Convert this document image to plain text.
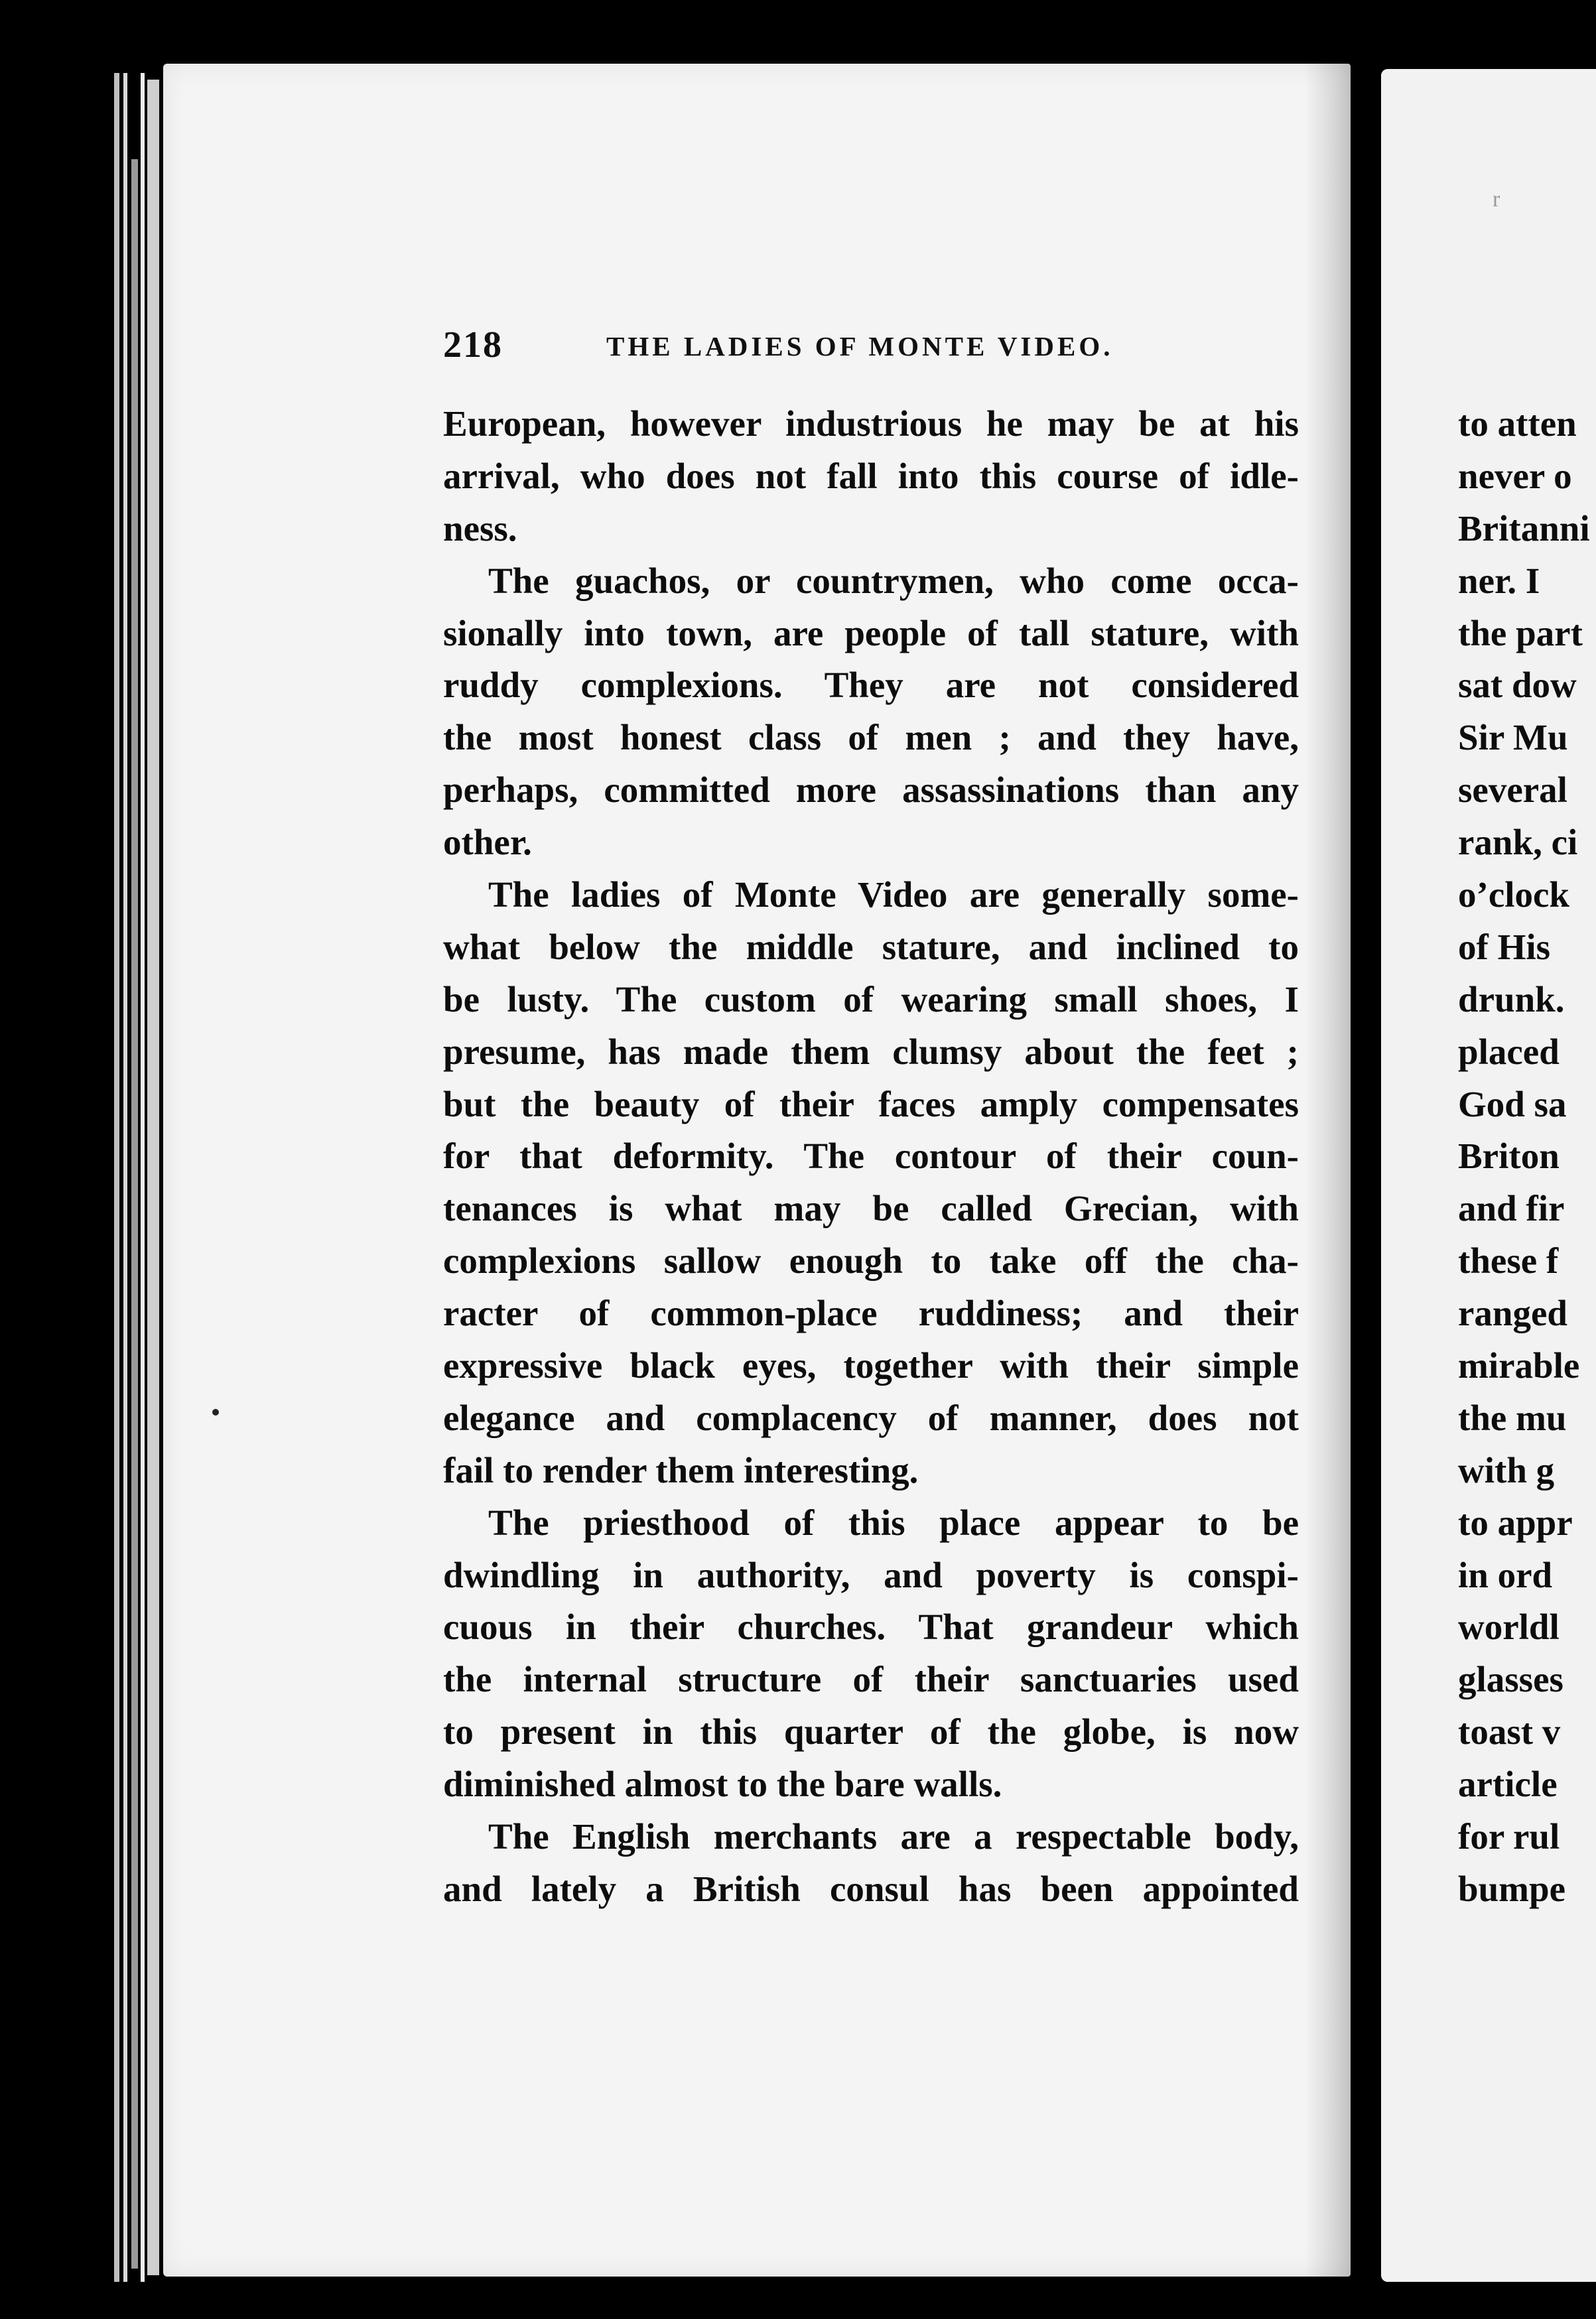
218	THE LADIES OF MONTE VIDEO.
European, however industrious he may be at his
arrival, who does not fall into this course of idle-
ness.
The guachos, or countrymen, who come occa-
sionally into town, are people of tall stature, with
ruddy complexions. They are not considered
the most honest class of men ; and they have,
perhaps, committed more assassinations than any
other.
The ladies of Monte Video are generally some-
what below the middle stature, and inclined to
be lusty. The custom of wearing small shoes, I
presume, has made them clumsy about the feet ;
but the beauty of their faces amply compensates
for that deformity. The contour of their coun-
tenances is what may be called Grecian, with
complexions sallow enough to take off the cha-
racter of common-place ruddiness; and their
expressive black eyes, together with their simple
elegance and complacency of manner, does not
fail to render them interesting.
The priesthood of this place appear to be
dwindling in authority, and poverty is conspi-
cuous in their churches. That grandeur which
the internal structure of their sanctuaries used
to present in this quarter of the globe, is now
diminished almost to the bare walls.
The English merchants are a respectable body,
and lately a British consul has been appointed
r
to atten
never o
Britanni
ner. I
the part
sat dow
Sir Mu
several
rank, ci
o’clock
of His
drunk.
placed
God sa
Briton
and fir
these f
ranged
mirable
the mu
with g
to appr
in ord
worldl
glasses
toast v
article
for rul
bumpe
